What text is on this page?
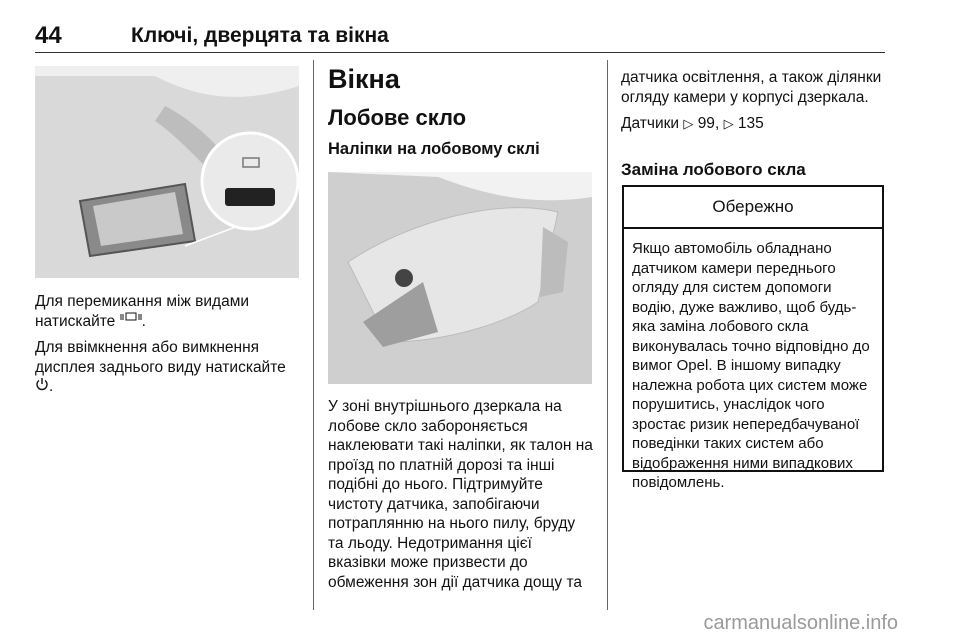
44	Ключі, дверцята та вікна

Для перемикання між видами натискайте .

Для ввімкнення або вимкнення дисплея заднього виду натискайте .

Вікна
Лобове скло
Наліпки на лобовому склі

У зоні внутрішнього дзеркала на лобове скло забороняється наклеювати такі наліпки, як талон на проїзд по платній дорозі та інші подібні до нього. Підтримуйте чистоту датчика, запобігаючи потраплянню на нього пилу, бруду та льоду. Недотримання цієї вказівки може призвести до обмеження зон дії датчика дощу та

датчика освітлення, а також ділянки огляду камери у корпусі дзеркала.

Датчики ▷ 99, ▷ 135

Заміна лобового скла
Обережно
Якщо автомобіль обладнано датчиком камери переднього огляду для систем допомоги водію, дуже важливо, щоб будь-яка заміна лобового скла виконувалась точно відповідно до вимог Opel. В іншому випадку належна робота цих систем може порушитись, унаслідок чого зростає ризик непередбачуваної поведінки таких систем або відображення ними випадкових повідомлень.
carmanualsonline.info
